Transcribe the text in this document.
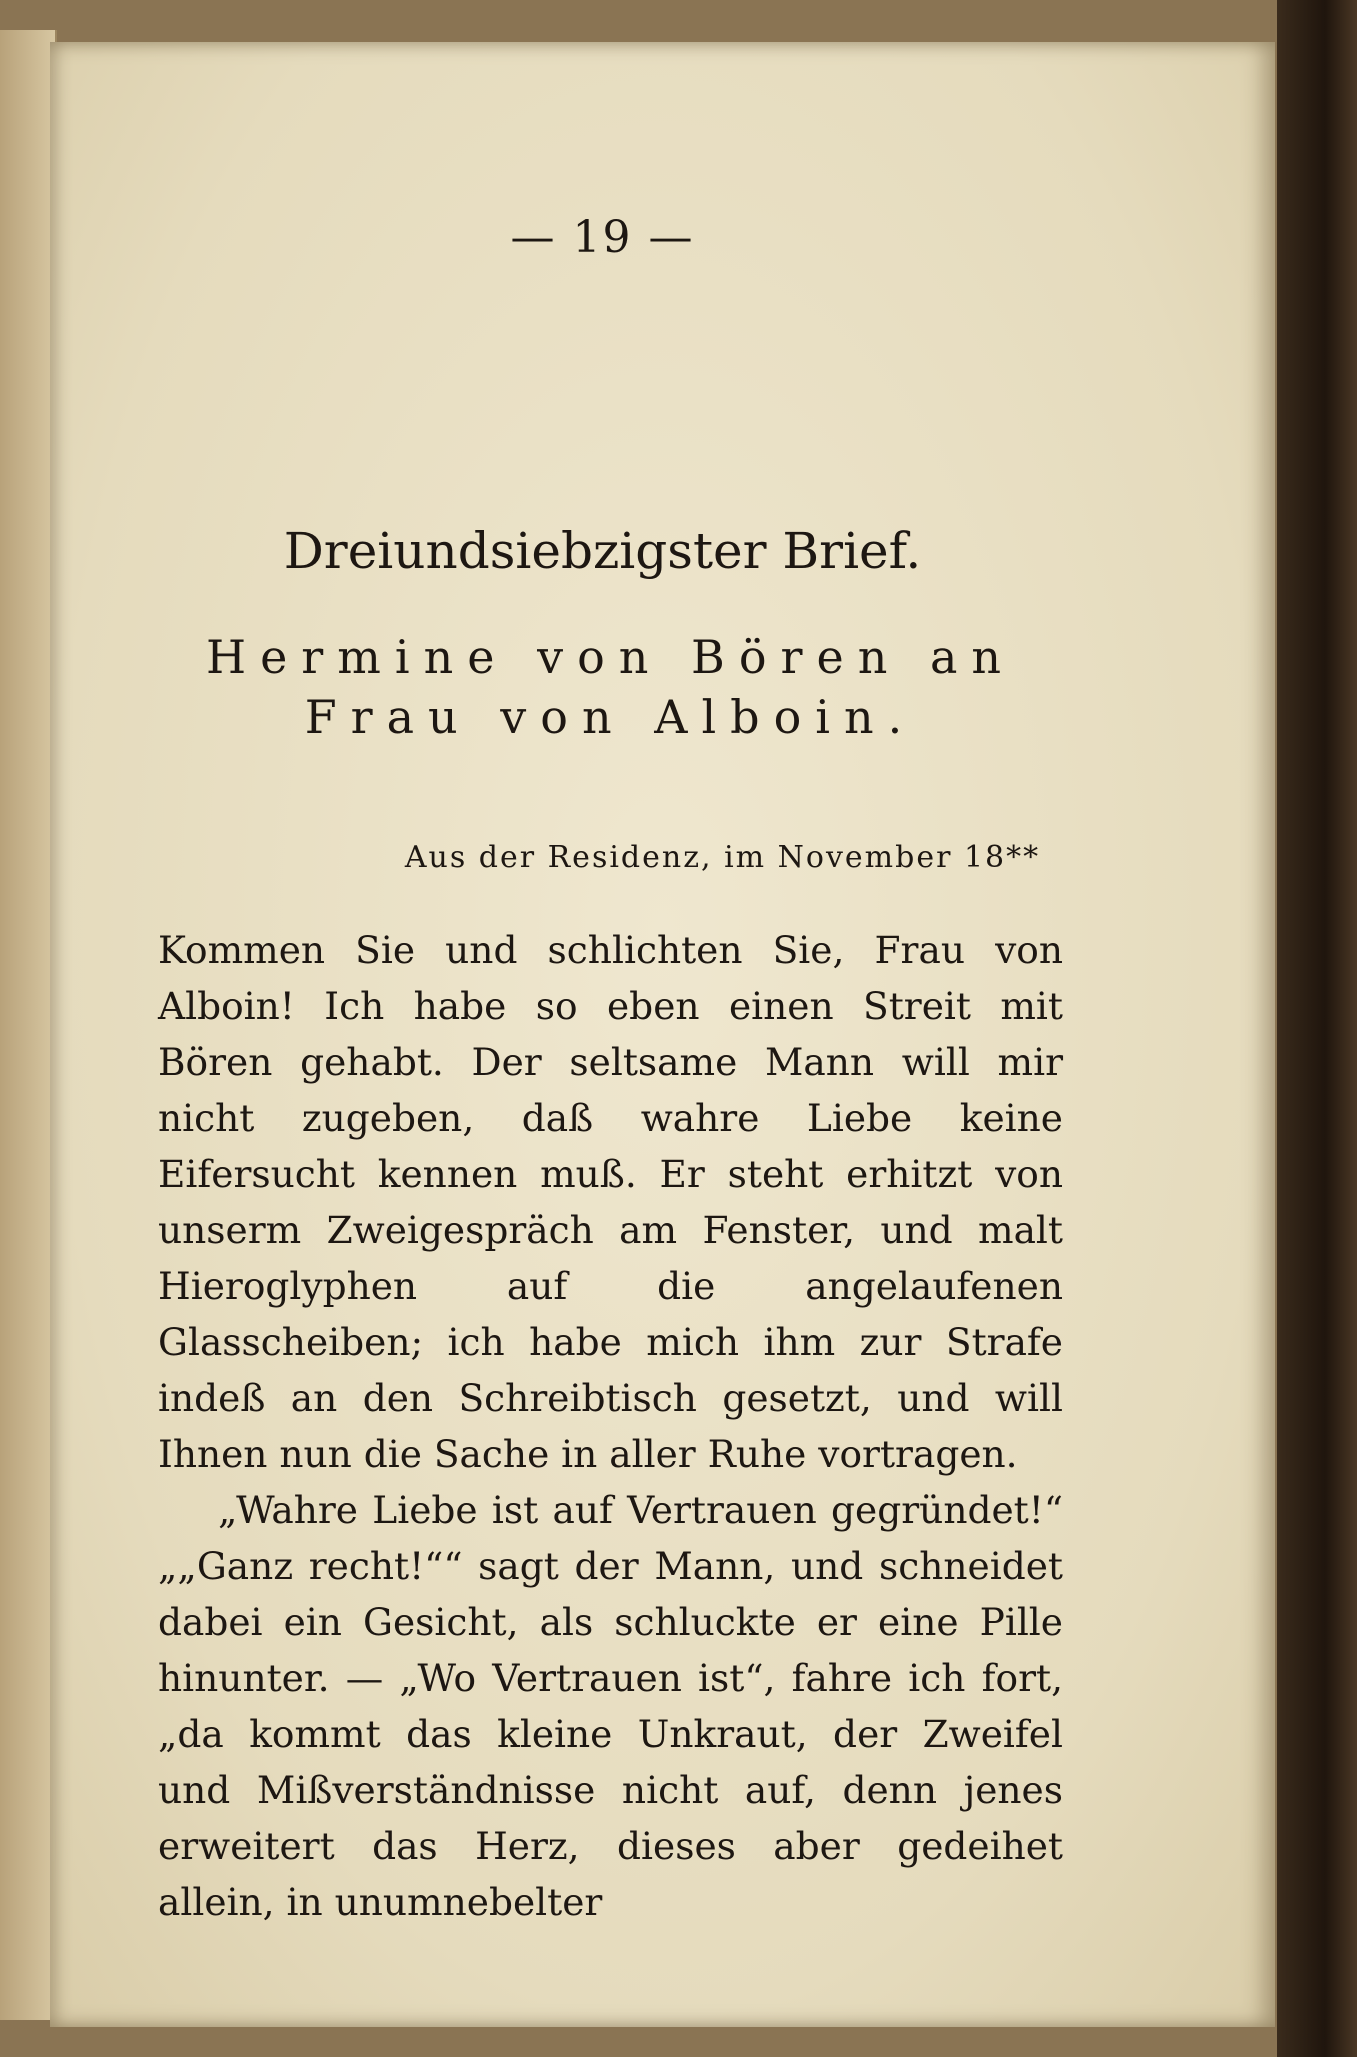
— 19 —
Dreiundsiebzigster Brief.
Hermine von Bören an Frau von Alboin.
Aus der Residenz, im November 18**

Kommen Sie und schlichten Sie, Frau von Alboin! Ich habe so eben einen Streit mit Bören gehabt. Der seltsame Mann will mir nicht zugeben, daß wahre Liebe keine Eifersucht kennen muß. Er steht erhitzt von unserm Zweigespräch am Fenster, und malt Hieroglyphen auf die angelaufenen Glasscheiben; ich habe mich ihm zur Strafe indeß an den Schreibtisch gesetzt, und will Ihnen nun die Sache in aller Ruhe vortragen.

„Wahre Liebe ist auf Vertrauen gegründet!“ „„Ganz recht!““ sagt der Mann, und schneidet dabei ein Gesicht, als schluckte er eine Pille hinunter. — „Wo Vertrauen ist“, fahre ich fort, „da kommt das kleine Unkraut, der Zweifel und Mißverständnisse nicht auf, denn jenes erweitert das Herz, dieses aber gedeihet allein, in unumnebelter
